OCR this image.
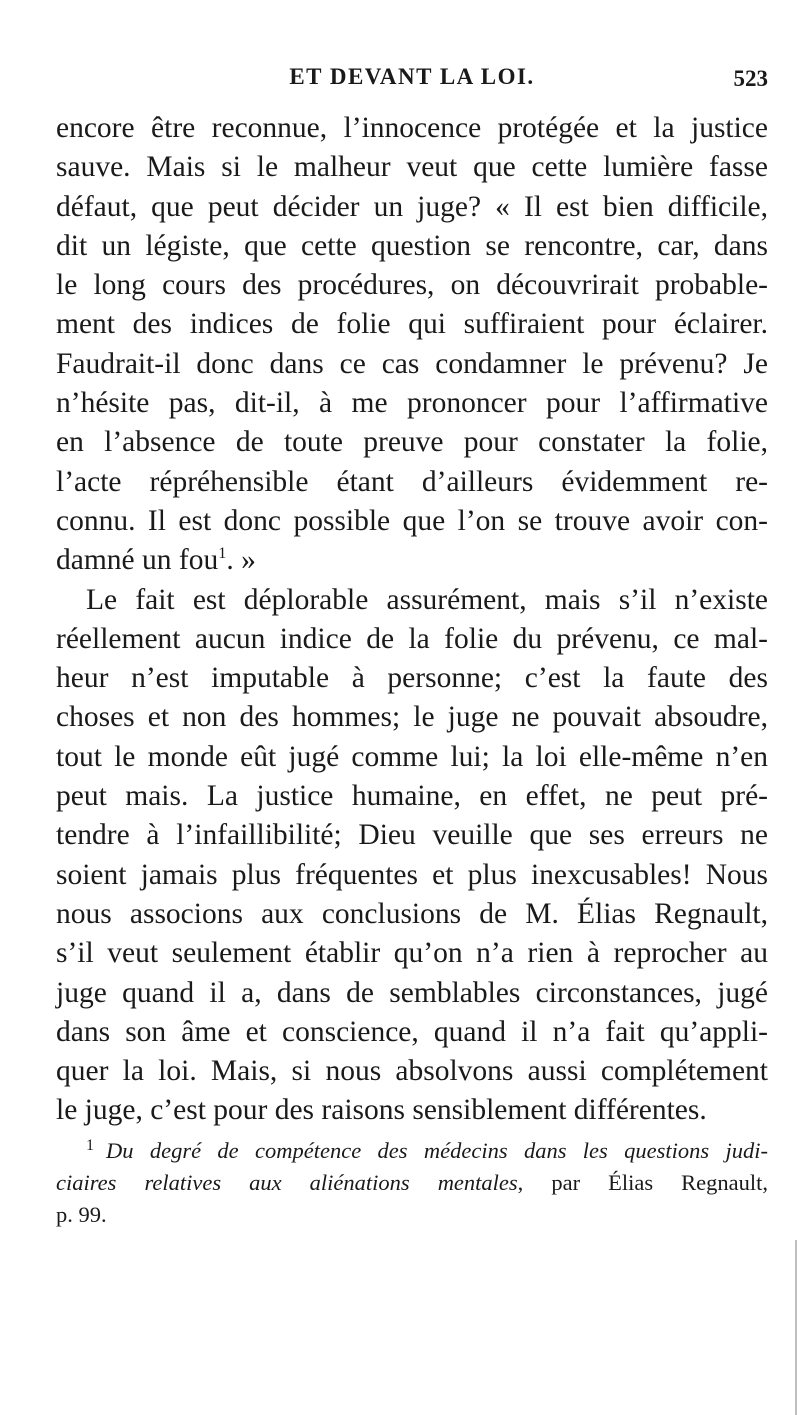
ET DEVANT LA LOI.	523
encore être reconnue, l’innocence protégée et la justice
sauve. Mais si le malheur veut que cette lumière fasse
défaut, que peut décider un juge? « Il est bien difficile,
dit un légiste, que cette question se rencontre, car, dans
le long cours des procédures, on découvrirait probable-
ment des indices de folie qui suffiraient pour éclairer.
Faudrait-il donc dans ce cas condamner le prévenu? Je
n’hésite pas, dit-il, à me prononcer pour l’affirmative
en l’absence de toute preuve pour constater la folie,
l’acte répréhensible étant d’ailleurs évidemment re-
connu. Il est donc possible que l’on se trouve avoir con-
damné un fou$^1$. »
Le fait est déplorable assurément, mais s’il n’existe
réellement aucun indice de la folie du prévenu, ce mal-
heur n’est imputable à personne; c’est la faute des
choses et non des hommes; le juge ne pouvait absoudre,
tout le monde eût jugé comme lui; la loi elle-même n’en
peut mais. La justice humaine, en effet, ne peut pré-
tendre à l’infaillibilité; Dieu veuille que ses erreurs ne
soient jamais plus fréquentes et plus inexcusables! Nous
nous associons aux conclusions de M. Élias Regnault,
s’il veut seulement établir qu’on n’a rien à reprocher au
juge quand il a, dans de semblables circonstances, jugé
dans son âme et conscience, quand il n’a fait qu’appli-
quer la loi. Mais, si nous absolvons aussi complétement
le juge, c’est pour des raisons sensiblement différentes.
$^1$ Du degré de compétence des médecins dans les questions judi-
ciaires relatives aux aliénations mentales, par Élias Regnault,
p. 99.
